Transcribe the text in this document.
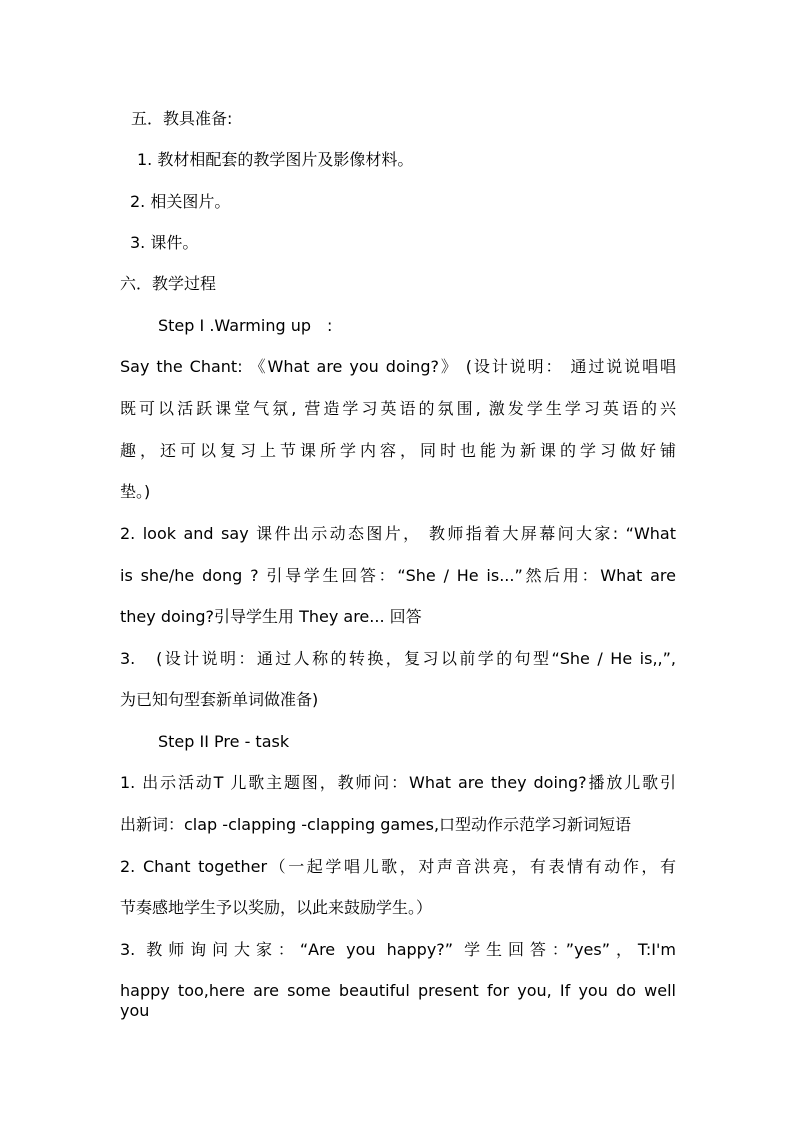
五．教具准备:
1. 教材相配套的教学图片及影像材料。
2. 相关图片。
3. 课件。
六．教学过程
Step I .Warming up　:
Say the Chant: 《What are you doing?》 (设计说明： 通过说说唱唱
既可以活跃课堂气氛, 营造学习英语的氛围, 激发学生学习英语的兴
趣，还可以复习上节课所学内容，同时也能为新课的学习做好铺
垫。)
2. look and say 课件出示动态图片， 教师指着大屏幕问大家: “What
is she/he dong ? 引导学生回答：“She / He is...”然后用：What are
they doing?引导学生用 They are... 回答
3.　(设计说明：通过人称的转换，复习以前学的句型“She / He is,,”,
为已知句型套新单词做准备)
Step II Pre - task
1. 出示活动T 儿歌主题图，教师问：What are they doing?播放儿歌引
出新词：clap -clapping -clapping games,口型动作示范学习新词短语
2. Chant together（一起学唱儿歌，对声音洪亮，有表情有动作，有
节奏感地学生予以奖励，以此来鼓励学生。）
3. 教师询问大家：“Are you happy?” 学生回答：”yes”，T:I'm
happy too,here are some beautiful present for you, If you do well you
